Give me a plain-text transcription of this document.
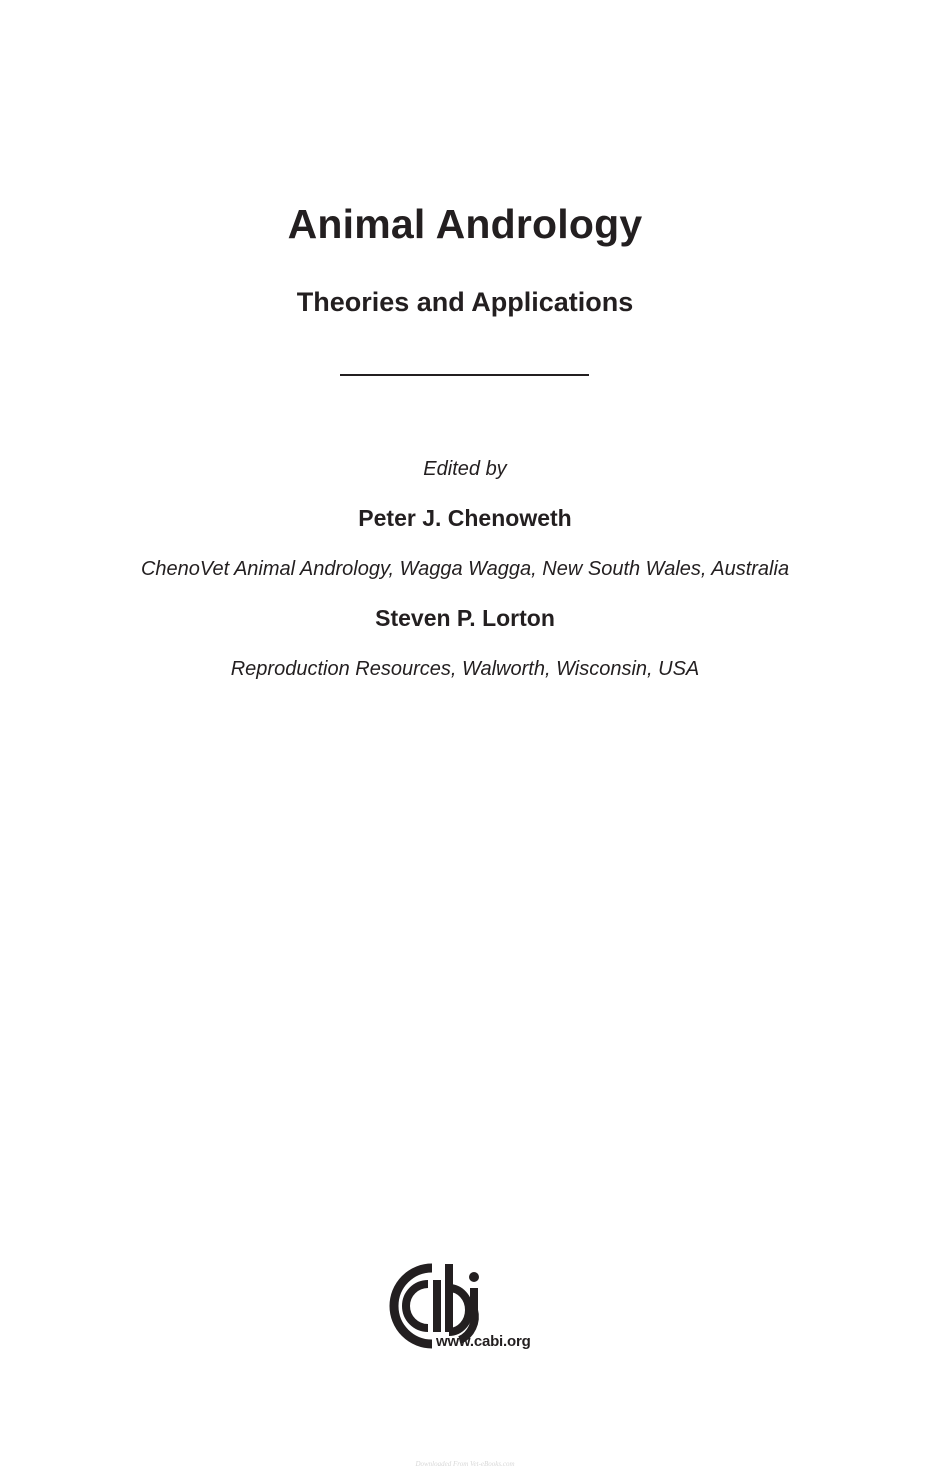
Animal Andrology
Theories and Applications
Edited by
Peter J. Chenoweth
ChenoVet Animal Andrology, Wagga Wagga, New South Wales, Australia
Steven P. Lorton
Reproduction Resources, Walworth, Wisconsin, USA
www.cabi.org
Downloaded From Vet-eBooks.com
